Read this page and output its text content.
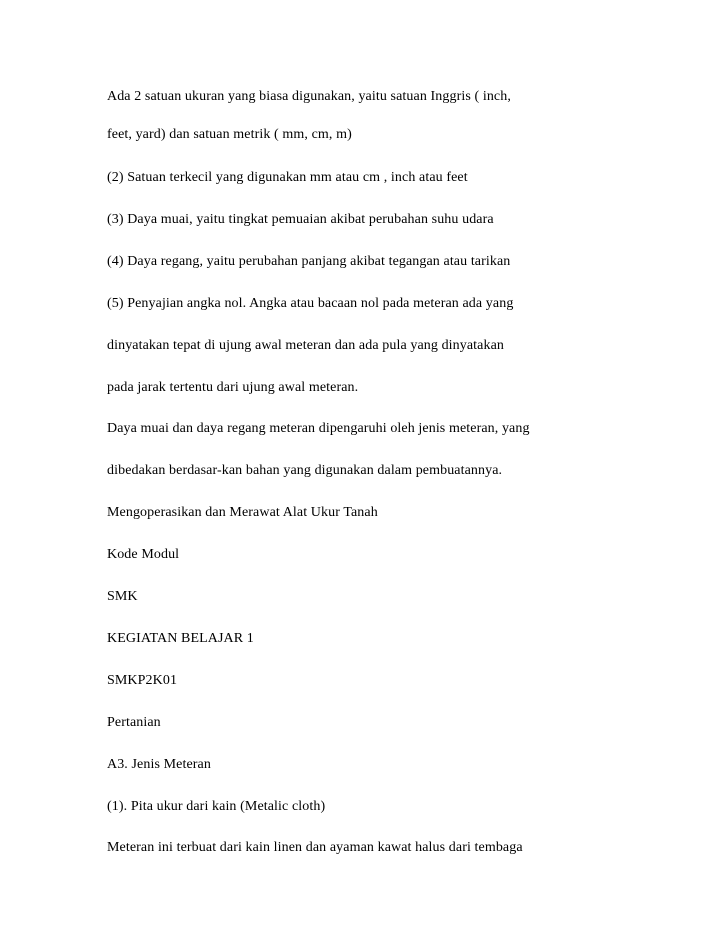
Ada 2 satuan ukuran yang biasa digunakan, yaitu satuan Inggris ( inch,

feet, yard) dan satuan metrik ( mm, cm, m)

(2) Satuan terkecil yang digunakan mm atau cm , inch atau feet

(3) Daya muai, yaitu tingkat pemuaian akibat perubahan suhu udara

(4) Daya regang, yaitu perubahan panjang akibat tegangan atau tarikan

(5) Penyajian angka nol. Angka atau bacaan nol pada meteran ada yang

dinyatakan tepat di ujung awal meteran dan ada pula yang dinyatakan

pada jarak tertentu dari ujung awal meteran.

Daya muai dan daya regang meteran dipengaruhi oleh jenis meteran, yang

dibedakan berdasar-kan bahan yang digunakan dalam pembuatannya.

Mengoperasikan dan Merawat Alat Ukur Tanah

Kode Modul

SMK

KEGIATAN BELAJAR 1

SMKP2K01

Pertanian

A3. Jenis Meteran

(1). Pita ukur dari kain (Metalic cloth)

Meteran ini terbuat dari kain linen dan ayaman kawat halus dari tembaga
